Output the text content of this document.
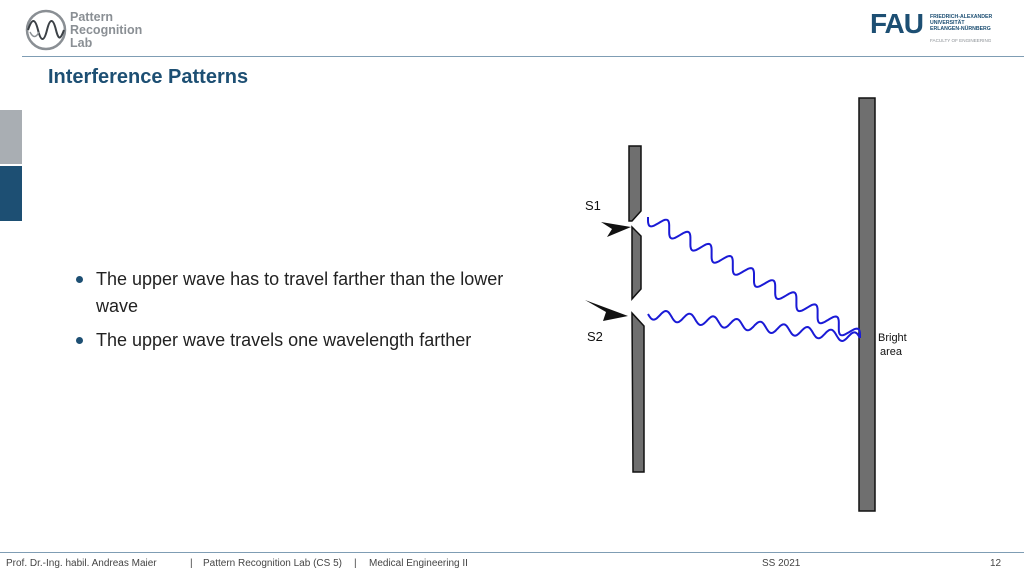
Pattern
Recognition
Lab
FAU FRIEDRICH-ALEXANDER
UNIVERSITÄT
ERLANGEN-NÜRNBERG
FACULTY OF ENGINEERING
Interference Patterns
The upper wave has to travel farther than the lower wave
The upper wave travels one wavelength farther
S1
S2	Bright
area
Prof. Dr.-Ing. habil. Andreas Maier	| Pattern Recognition Lab (CS 5) | Medical Engineering II	SS 2021	12
